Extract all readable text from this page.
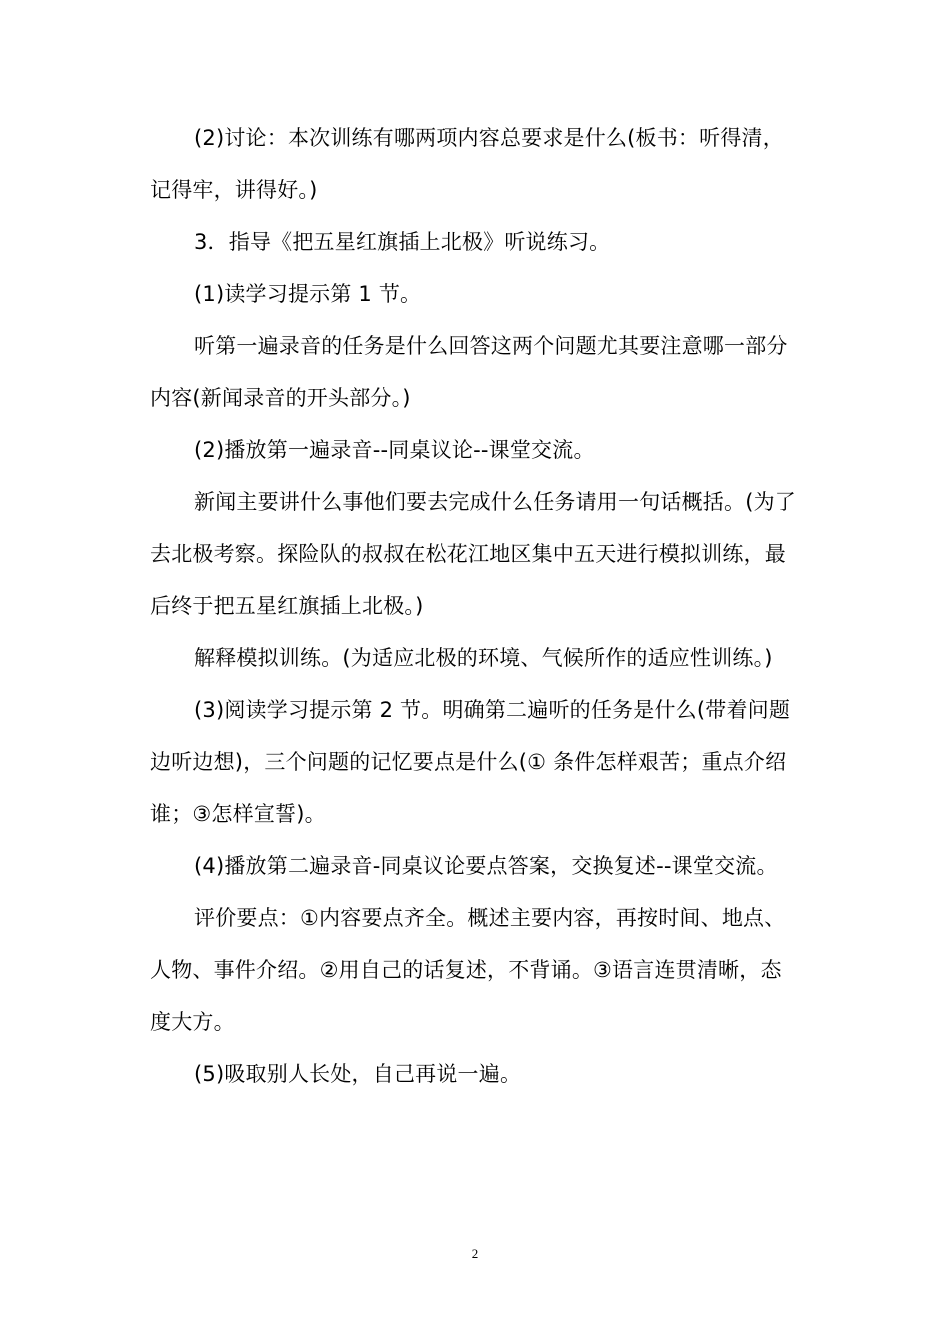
(2)讨论：本次训练有哪两项内容总要求是什么(板书：听得清，记得牢，讲得好。)

3．指导《把五星红旗插上北极》听说练习。

(1)读学习提示第 1 节。

听第一遍录音的任务是什么回答这两个问题尤其要注意哪一部分内容(新闻录音的开头部分。)

(2)播放第一遍录音--同桌议论--课堂交流。

新闻主要讲什么事他们要去完成什么任务请用一句话概括。(为了去北极考察。探险队的叔叔在松花江地区集中五天进行模拟训练，最后终于把五星红旗插上北极。)

解释模拟训练。(为适应北极的环境、气候所作的适应性训练。)

(3)阅读学习提示第 2 节。明确第二遍听的任务是什么(带着问题边听边想)，三个问题的记忆要点是什么(① 条件怎样艰苦；重点介绍谁；③怎样宣誓)。

(4)播放第二遍录音-同桌议论要点答案，交换复述--课堂交流。

评价要点：①内容要点齐全。概述主要内容，再按时间、地点、人物、事件介绍。②用自己的话复述，不背诵。③语言连贯清晰，态度大方。

(5)吸取别人长处，自己再说一遍。

2
